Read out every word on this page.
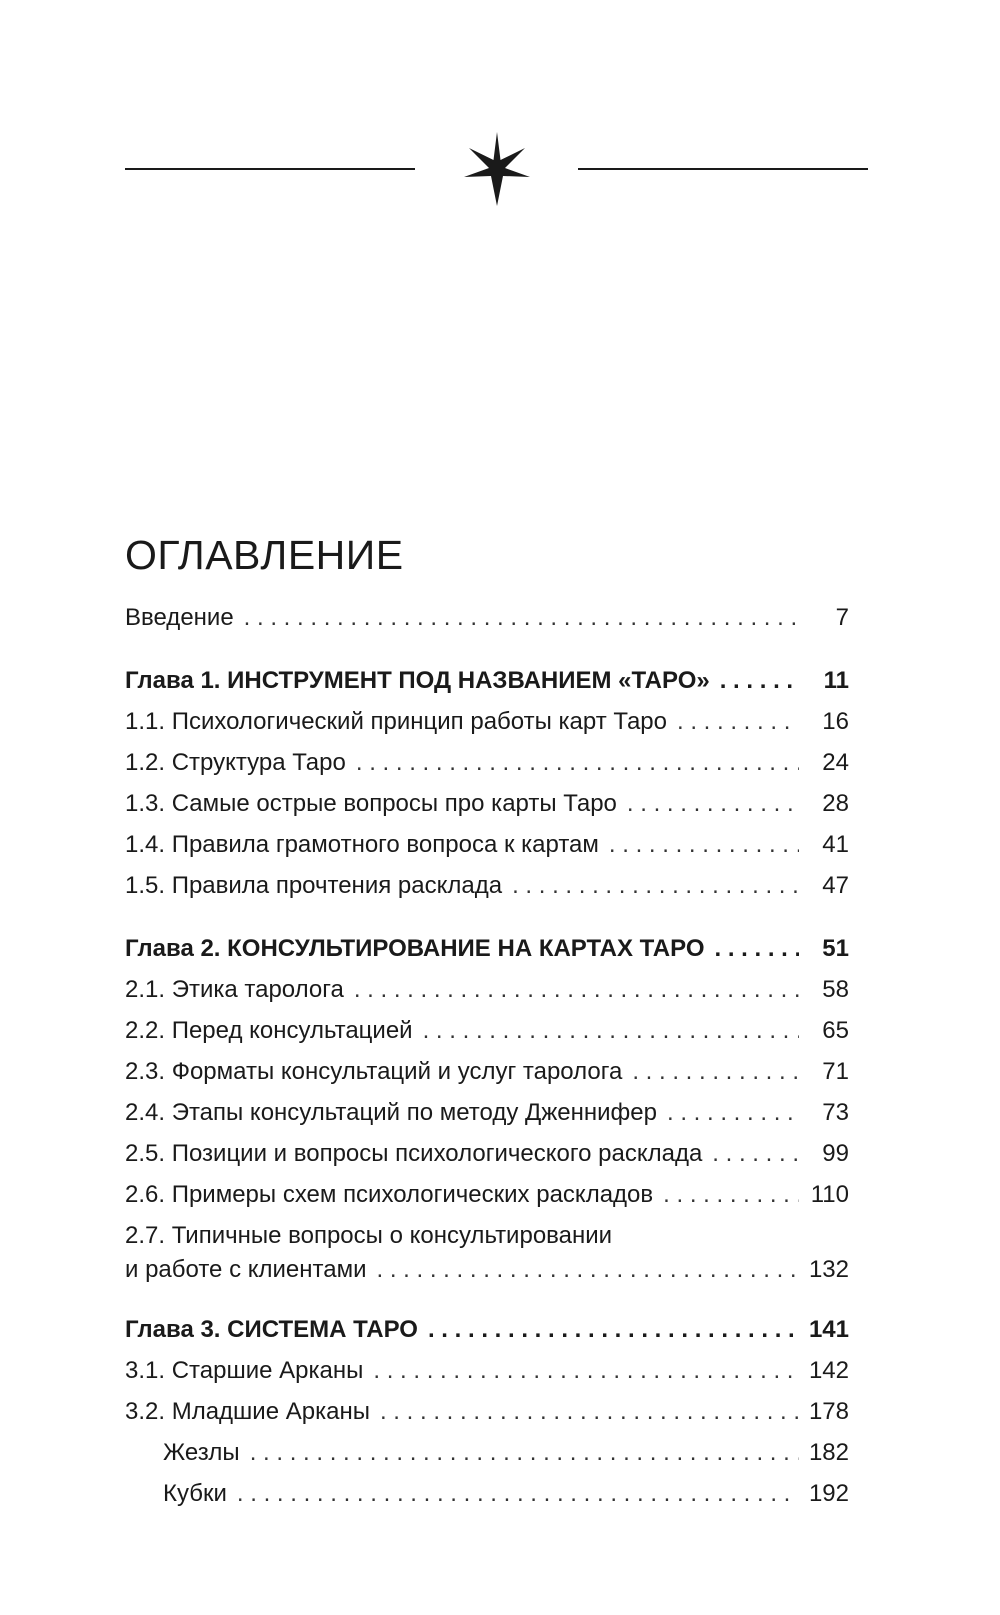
ОГЛАВЛЕНИЕ
Введение . . .	7
Глава 1. ИНСТРУМЕНТ ПОД НАЗВАНИЕМ «ТАРО» . . .	11
1.1. Психологический принцип работы карт Таро . . .	16
1.2. Структура Таро . . .	24
1.3. Самые острые вопросы про карты Таро . . .	28
1.4. Правила грамотного вопроса к картам . . .	41
1.5. Правила прочтения расклада . . .	47
Глава 2. КОНСУЛЬТИРОВАНИЕ НА КАРТАХ ТАРО . . .	51
2.1. Этика таролога . . .	58
2.2. Перед консультацией . . .	65
2.3. Форматы консультаций и услуг таролога . . .	71
2.4. Этапы консультаций по методу Дженнифер . . .	73
2.5. Позиции и вопросы психологического расклада . . .	99
2.6. Примеры схем психологических раскладов . . .	110
2.7. Типичные вопросы о консультировании
и работе с клиентами . . .	132
Глава 3. СИСТЕМА ТАРО . . .	141
3.1. Старшие Арканы . . .	142
3.2. Младшие Арканы . . .	178
Жезлы . . .	182
Кубки . . .	192
